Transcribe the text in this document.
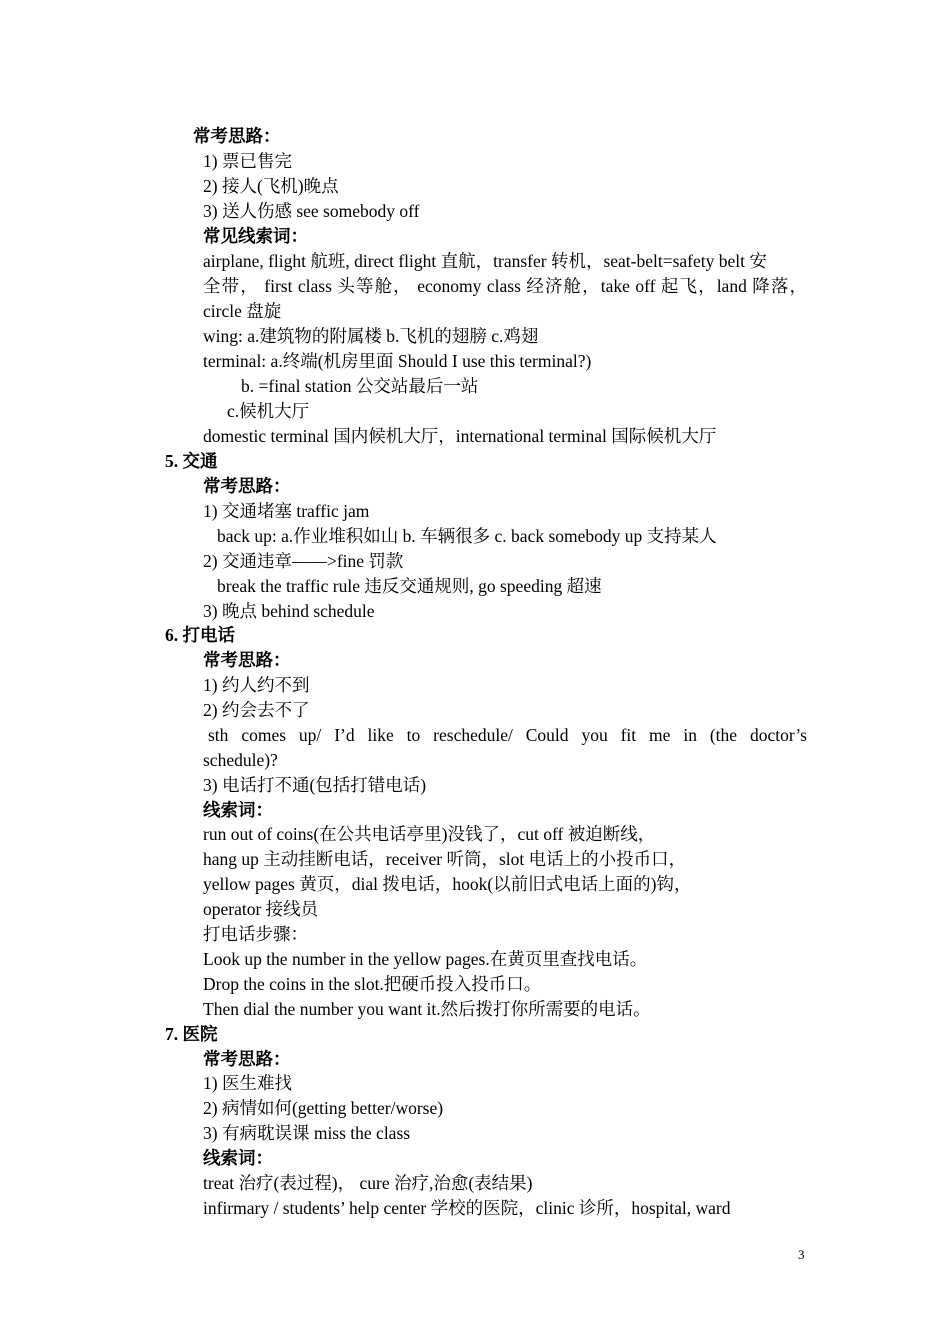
常考思路：
1) 票已售完
2) 接人(飞机)晚点
3) 送人伤感 see somebody off
常见线索词：
airplane, flight 航班, direct flight 直航，transfer 转机，seat-belt=safety belt 安
全带， first class 头等舱， economy class 经济舱，take off 起飞，land 降落，
circle 盘旋
wing: a.建筑物的附属楼 b.飞机的翅膀 c.鸡翅
terminal: a.终端(机房里面 Should I use this terminal?)
b. =final station 公交站最后一站
c.候机大厅
domestic terminal 国内候机大厅，international terminal 国际候机大厅
5. 交通
常考思路：
1) 交通堵塞 traffic jam
back up: a.作业堆积如山 b. 车辆很多 c. back somebody up 支持某人
2) 交通违章——>fine 罚款
break the traffic rule 违反交通规则, go speeding 超速
3) 晚点 behind schedule
6. 打电话
常考思路：
1) 约人约不到
2) 约会去不了
sth comes up/ I’d like to reschedule/ Could you fit me in (the doctor’s
schedule)?
3) 电话打不通(包括打错电话)
线索词：
run out of coins(在公共电话亭里)没钱了，cut off 被迫断线，
hang up 主动挂断电话，receiver 听筒，slot 电话上的小投币口，
yellow pages 黄页，dial 拨电话，hook(以前旧式电话上面的)钩，
operator 接线员
打电话步骤：
Look up the number in the yellow pages.在黄页里查找电话。
Drop the coins in the slot.把硬币投入投币口。
Then dial the number you want it.然后拨打你所需要的电话。
7. 医院
常考思路：
1) 医生难找
2) 病情如何(getting better/worse)
3) 有病耽误课 miss the class
线索词：
treat 治疗(表过程)， cure 治疗,治愈(表结果)
infirmary / students’ help center 学校的医院，clinic 诊所，hospital, ward
3
